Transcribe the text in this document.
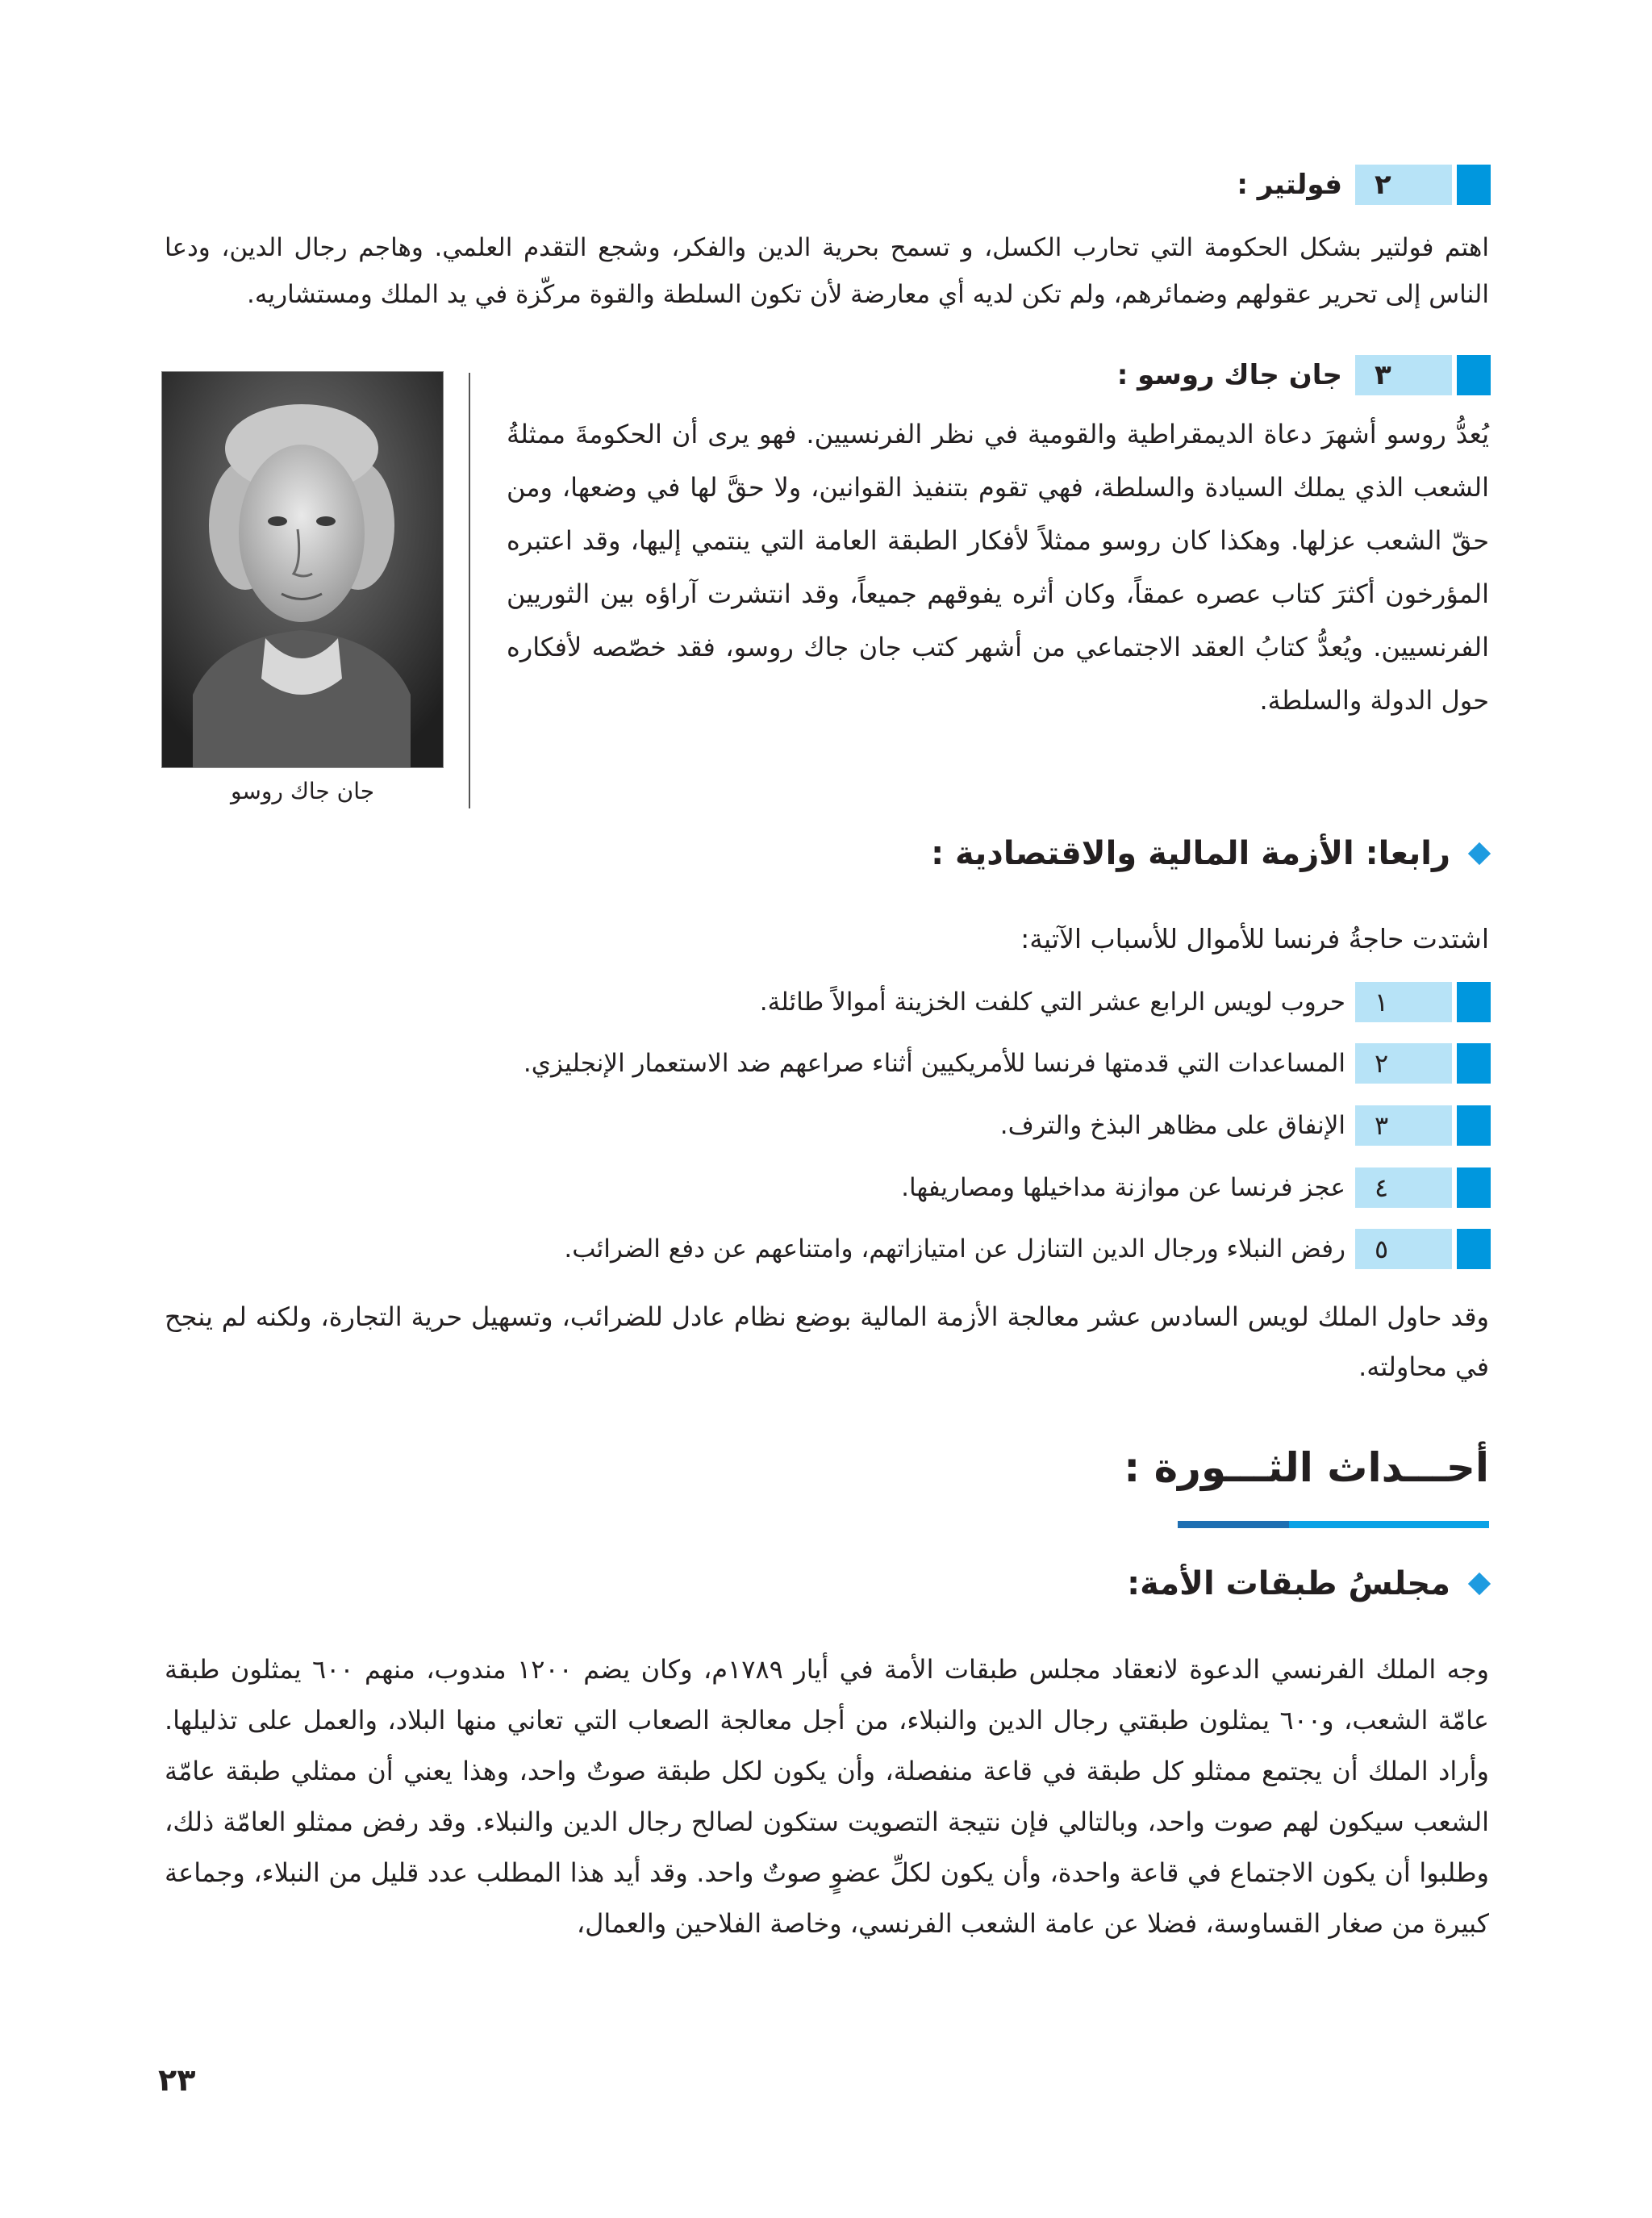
٢
فولتير :
اهتم فولتير بشكل الحكومة التي تحارب الكسل، و تسمح بحرية الدين والفكر، وشجع التقدم العلمي. وهاجم رجال الدين، ودعا الناس إلى تحرير عقولهم وضمائرهم، ولم تكن لديه أي معارضة لأن تكون السلطة والقوة مركّزة في يد الملك ومستشاريه.
٣
جان جاك روسو :
يُعدُّ روسو أشهرَ دعاة الديمقراطية والقومية في نظر الفرنسيين. فهو يرى أن الحكومةَ ممثلةُ الشعب الذي يملك السيادة والسلطة، فهي تقوم بتنفيذ القوانين، ولا حقَّ لها في وضعها، ومن حقّ الشعب عزلها. وهكذا كان روسو ممثلاً لأفكار الطبقة العامة التي ينتمي إليها، وقد اعتبره المؤرخون أكثرَ كتاب عصره عمقاً، وكان أثره يفوقهم جميعاً، وقد انتشرت آراؤه بين الثوريين الفرنسيين. ويُعدُّ كتابُ العقد الاجتماعي من أشهر كتب جان جاك روسو، فقد خصّصه لأفكاره حول الدولة والسلطة.
جان جاك روسو
رابعا: الأزمة المالية والاقتصادية :
اشتدت حاجةُ فرنسا للأموال للأسباب الآتية:
١
حروب لويس الرابع عشر التي كلفت الخزينة أموالاً طائلة.
٢
المساعدات التي قدمتها فرنسا للأمريكيين أثناء صراعهم ضد الاستعمار الإنجليزي.
٣
الإنفاق على مظاهر البذخ والترف.
٤
عجز فرنسا عن موازنة مداخيلها ومصاريفها.
٥
رفض النبلاء ورجال الدين التنازل عن امتيازاتهم، وامتناعهم عن دفع الضرائب.
وقد حاول الملك لويس السادس عشر معالجة الأزمة المالية بوضع نظام عادل للضرائب، وتسهيل حرية التجارة، ولكنه لم ينجح في محاولته.
أحـــداث الثـــورة :
مجلسُ طبقات الأمة:
وجه الملك الفرنسي الدعوة لانعقاد مجلس طبقات الأمة في أيار ١٧٨٩م، وكان يضم ١٢٠٠ مندوب، منهم ٦٠٠ يمثلون طبقة عامّة الشعب، و٦٠٠ يمثلون طبقتي رجال الدين والنبلاء، من أجل معالجة الصعاب التي تعاني منها البلاد، والعمل على تذليلها. وأراد الملك أن يجتمع ممثلو كل طبقة في قاعة منفصلة، وأن يكون لكل طبقة صوتٌ واحد، وهذا يعني أن ممثلي طبقة عامّة الشعب سيكون لهم صوت واحد، وبالتالي فإن نتيجة التصويت ستكون لصالح رجال الدين والنبلاء. وقد رفض ممثلو العامّة ذلك، وطلبوا أن يكون الاجتماع في قاعة واحدة، وأن يكون لكلِّ عضوٍ صوتٌ واحد. وقد أيد هذا المطلب عدد قليل من النبلاء، وجماعة كبيرة من صغار القساوسة، فضلا عن عامة الشعب الفرنسي، وخاصة الفلاحين والعمال،
٢٣
